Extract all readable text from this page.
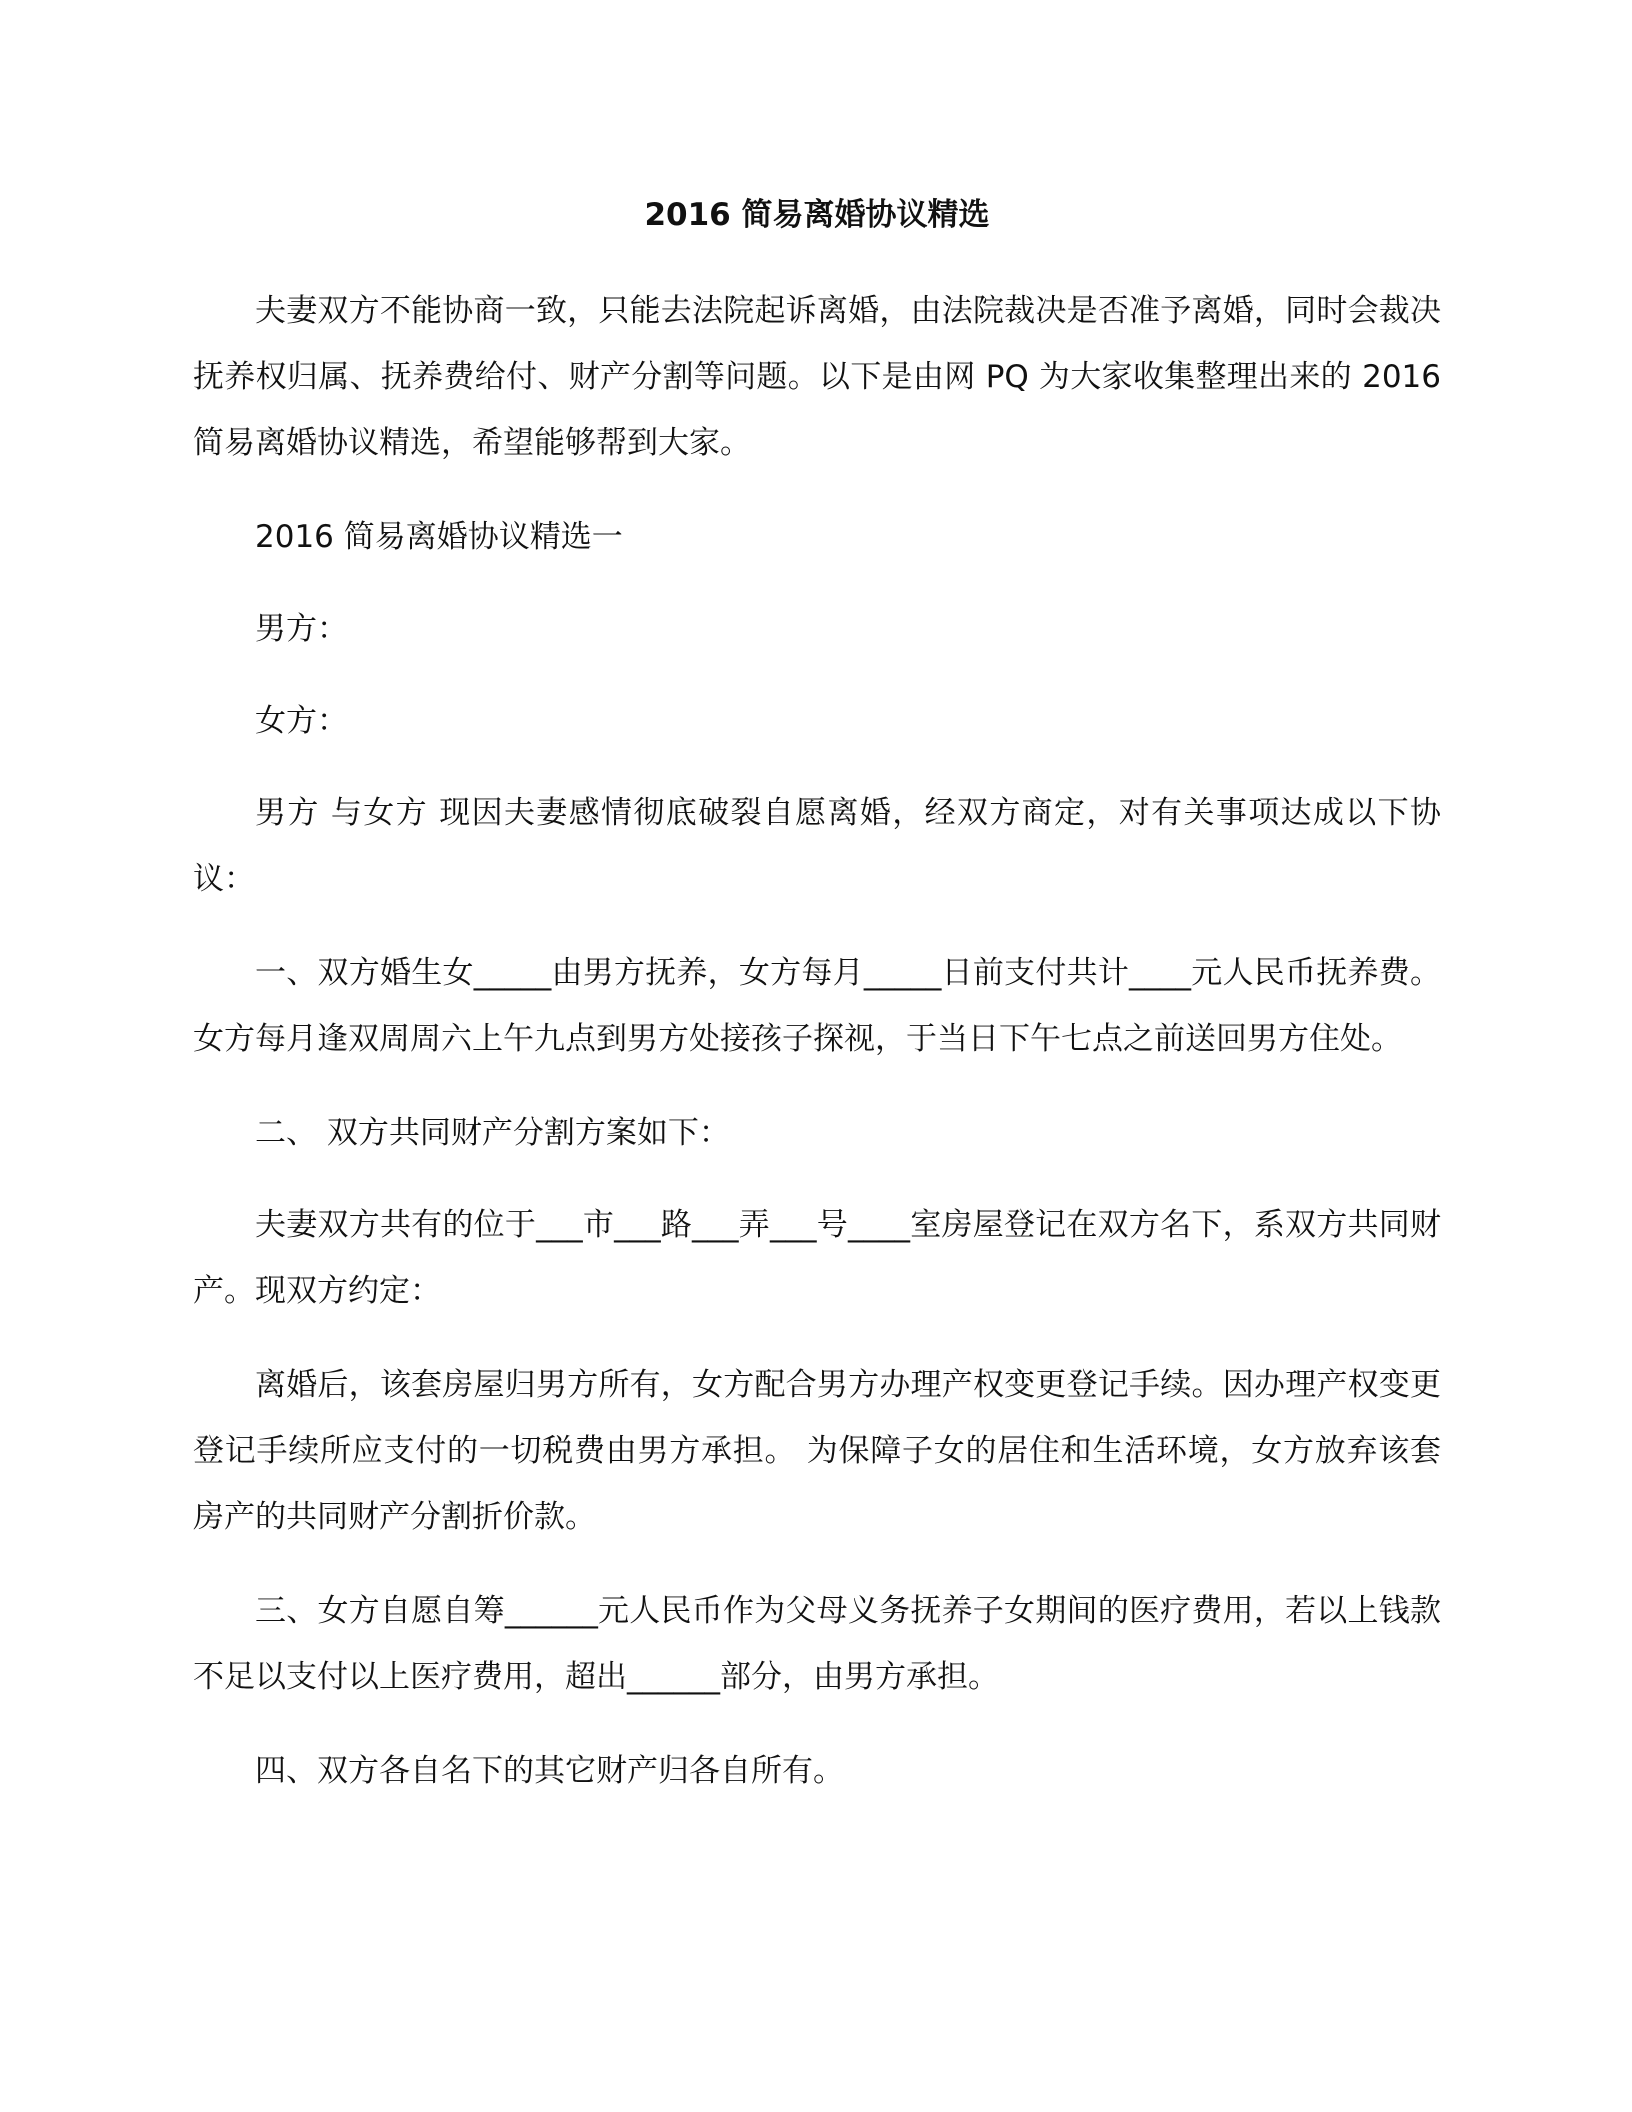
2016 简易离婚协议精选

夫妻双方不能协商一致，只能去法院起诉离婚，由法院裁决是否准予离婚，同时会裁决抚养权归属、抚养费给付、财产分割等问题。以下是由网 PQ 为大家收集整理出来的 2016 简易离婚协议精选，希望能够帮到大家。

2016 简易离婚协议精选一

男方：

女方：

男方 与女方 现因夫妻感情彻底破裂自愿离婚，经双方商定，对有关事项达成以下协议：

一、双方婚生女_____由男方抚养，女方每月_____日前支付共计____元人民币抚养费。女方每月逢双周周六上午九点到男方处接孩子探视，于当日下午七点之前送回男方住处。

二、 双方共同财产分割方案如下：

夫妻双方共有的位于___市___路___弄___号____室房屋登记在双方名下，系双方共同财产。现双方约定：

离婚后，该套房屋归男方所有，女方配合男方办理产权变更登记手续。因办理产权变更登记手续所应支付的一切税费由男方承担。 为保障子女的居住和生活环境，女方放弃该套房产的共同财产分割折价款。

三、女方自愿自筹______元人民币作为父母义务抚养子女期间的医疗费用，若以上钱款不足以支付以上医疗费用，超出______部分，由男方承担。

四、双方各自名下的其它财产归各自所有。
